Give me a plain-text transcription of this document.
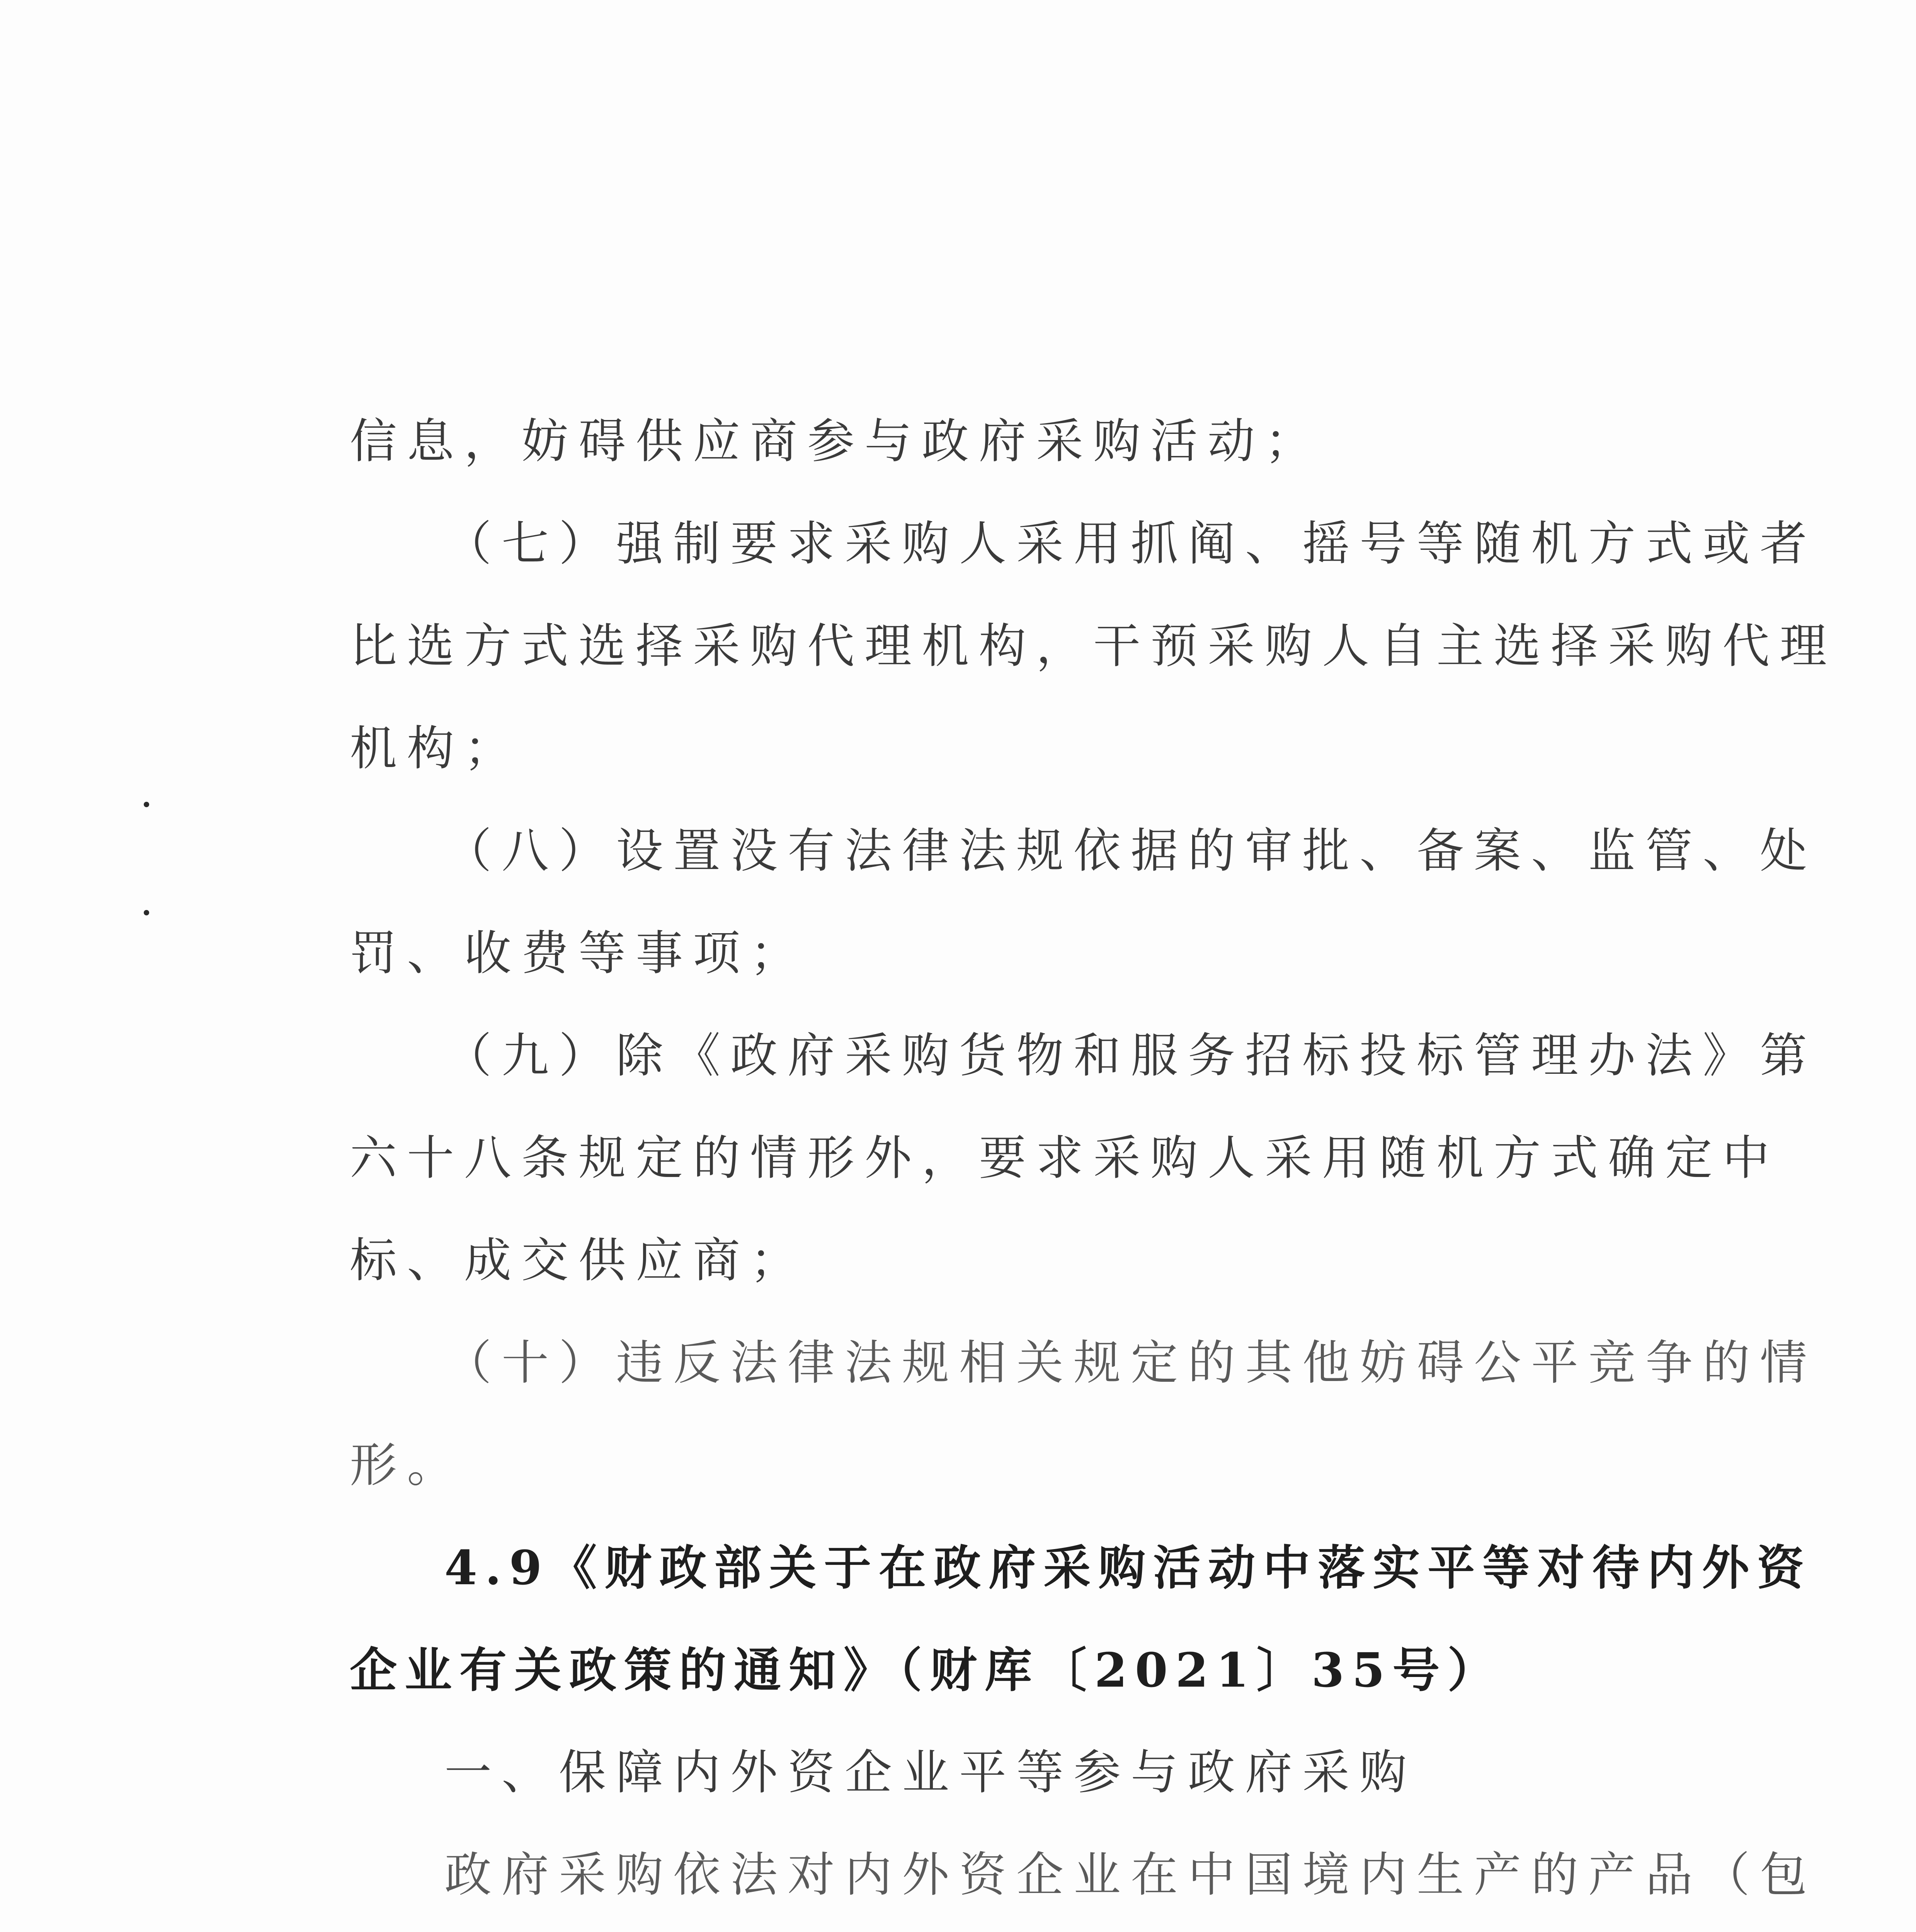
信息，妨碍供应商参与政府采购活动；
（七）强制要求采购人采用抓阄、摇号等随机方式或者
比选方式选择采购代理机构，干预采购人自主选择采购代理
机构；
（八）设置没有法律法规依据的审批、备案、监管、处
罚、收费等事项；
（九）除《政府采购货物和服务招标投标管理办法》第
六十八条规定的情形外，要求采购人采用随机方式确定中
标、成交供应商；
（十）违反法律法规相关规定的其他妨碍公平竞争的情
形。
4.9《财政部关于在政府采购活动中落实平等对待内外资
企业有关政策的通知》（财库〔2021〕35号）
一、保障内外资企业平等参与政府采购
政府采购依法对内外资企业在中国境内生产的产品（包
